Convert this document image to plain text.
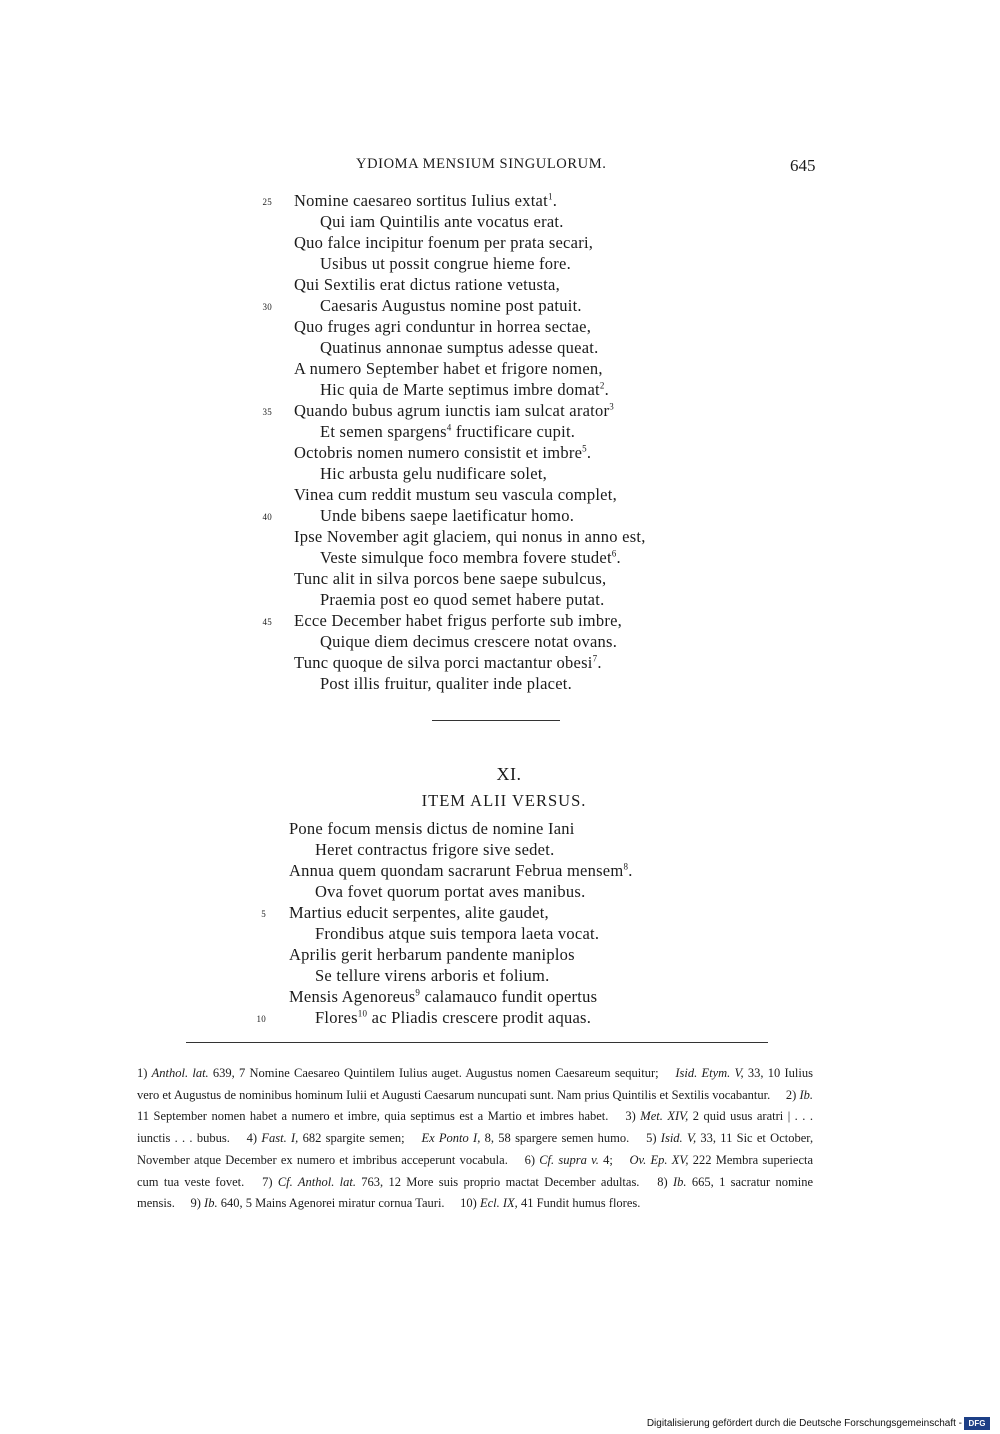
YDIOMA MENSIUM SINGULORUM.	645
25 Nomine caesareo sortitus Iulius extat$^1$.
Qui iam Quintilis ante vocatus erat.
Quo falce incipitur foenum per prata secari,
Usibus ut possit congrue hieme fore.
Qui Sextilis erat dictus ratione vetusta,
30	Caesaris Augustus nomine post patuit.
Quo fruges agri conduntur in horrea sectae,
Quatinus annonae sumptus adesse queat.
A numero September habet et frigore nomen,
Hic quia de Marte septimus imbre domat$^2$.
35 Quando bubus agrum iunctis iam sulcat arator$^3$
Et semen spargens$^4$ fructificare cupit.
Octobris nomen numero consistit et imbre$^5$.
Hic arbusta gelu nudificare solet,
Vinea cum reddit mustum seu vascula complet,
40	Unde bibens saepe laetificatur homo.
Ipse November agit glaciem, qui nonus in anno est,
Veste simulque foco membra fovere studet$^6$.
Tunc alit in silva porcos bene saepe subulcus,
Praemia post eo quod semet habere putat.
45 Ecce December habet frigus perforte sub imbre,
Quique diem decimus crescere notat ovans.
Tunc quoque de silva porci mactantur obesi$^7$.
Post illis fruitur, qualiter inde placet.
XI.
ITEM ALII VERSUS.
Pone focum mensis dictus de nomine Iani
Heret contractus frigore sive sedet.
Annua quem quondam sacrarunt Februa mensem$^8$.
Ova fovet quorum portat aves manibus.
5 Martius educit serpentes, alite gaudet,
Frondibus atque suis tempora laeta vocat.
Aprilis gerit herbarum pandente maniplos
Se tellure virens arboris et folium.
Mensis Agenoreus$^9$ calamauco fundit opertus
10	Flores$^{10}$ ac Pliadis crescere prodit aquas.
1) Anthol. lat. 639, 7 Nomine Caesareo Quintilem Iulius auget. Augustus nomen Caesareum sequitur;  Isid. Etym. V, 33, 10 Iulius vero et Augustus de nominibus hominum Iulii et Augusti Caesarum nuncupati sunt. Nam prius Quintilis et Sextilis vocabantur.  2) Ib. 11 September nomen habet a numero et imbre, quia septimus est a Martio et imbres habet.  3) Met. XIV, 2 quid usus aratri | . . . iunctis . . . bubus.  4) Fast. I, 682 spargite semen;  Ex Ponto I, 8, 58 spargere semen humo.  5) Isid. V, 33, 11 Sic et October, November atque December ex numero et imbribus acceperunt vocabula.  6) Cf. supra v. 4;  Ov. Ep. XV, 222 Membra superiecta cum tua veste fovet.  7) Cf. Anthol. lat. 763, 12 More suis proprio mactat December adultas.  8) Ib. 665, 1 sacratur nomine mensis.  9) Ib. 640, 5 Mains Agenorei miratur cornua Tauri.  10) Ecl. IX, 41 Fundit humus flores. 
Digitalisierung gefördert durch die Deutsche Forschungsgemeinschaft - DFG
